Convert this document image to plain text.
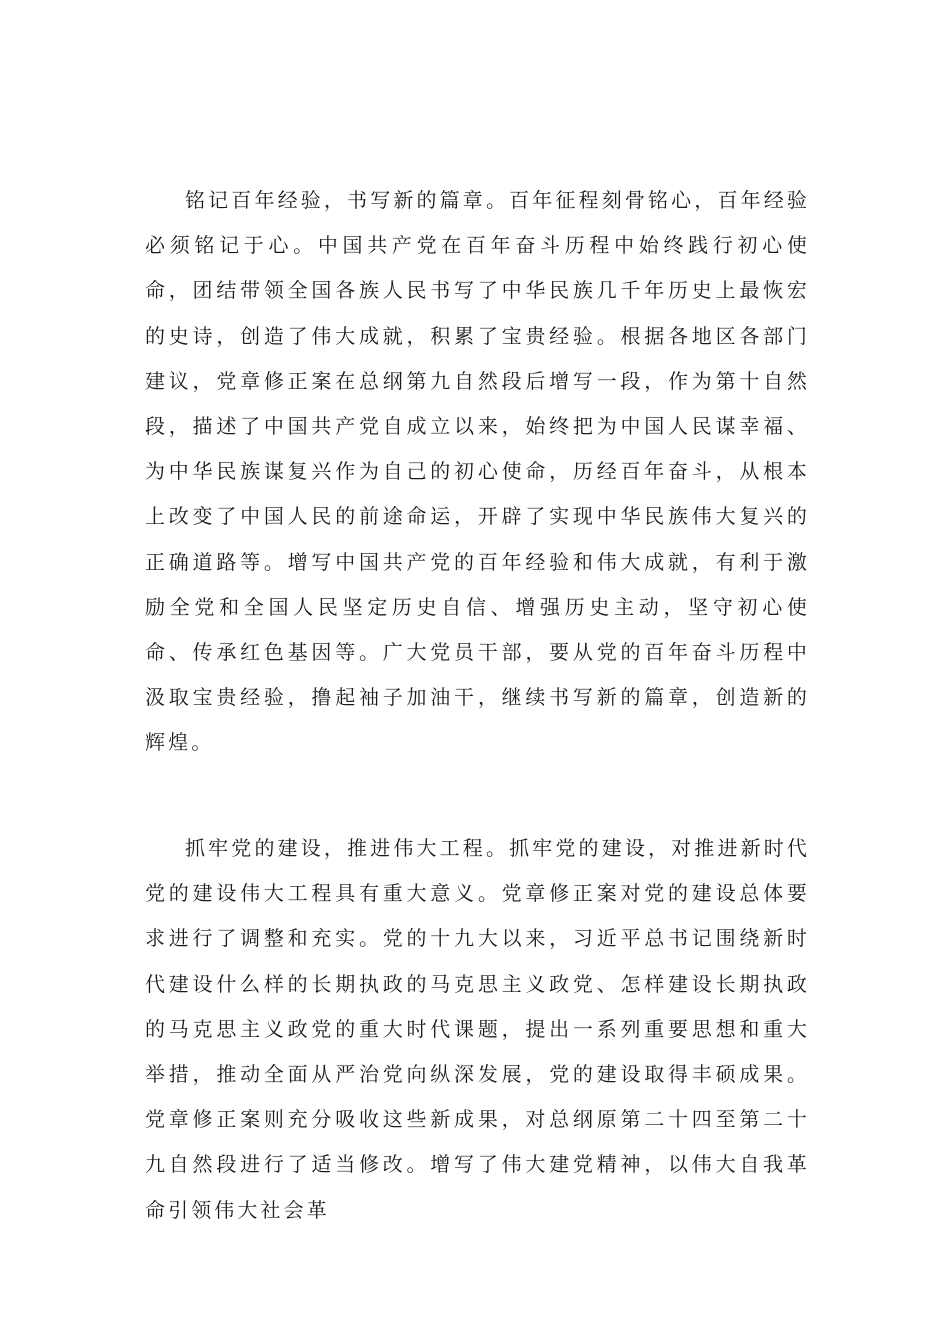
铭记百年经验，书写新的篇章。百年征程刻骨铭心，百年经验必须铭记于心。中国共产党在百年奋斗历程中始终践行初心使命，团结带领全国各族人民书写了中华民族几千年历史上最恢宏的史诗，创造了伟大成就，积累了宝贵经验。根据各地区各部门建议，党章修正案在总纲第九自然段后增写一段，作为第十自然段，描述了中国共产党自成立以来，始终把为中国人民谋幸福、为中华民族谋复兴作为自己的初心使命，历经百年奋斗，从根本上改变了中国人民的前途命运，开辟了实现中华民族伟大复兴的正确道路等。增写中国共产党的百年经验和伟大成就，有利于激励全党和全国人民坚定历史自信、增强历史主动，坚守初心使命、传承红色基因等。广大党员干部，要从党的百年奋斗历程中汲取宝贵经验，撸起袖子加油干，继续书写新的篇章，创造新的辉煌。

抓牢党的建设，推进伟大工程。抓牢党的建设，对推进新时代党的建设伟大工程具有重大意义。党章修正案对党的建设总体要求进行了调整和充实。党的十九大以来，习近平总书记围绕新时代建设什么样的长期执政的马克思主义政党、怎样建设长期执政的马克思主义政党的重大时代课题，提出一系列重要思想和重大举措，推动全面从严治党向纵深发展，党的建设取得丰硕成果。党章修正案则充分吸收这些新成果，对总纲原第二十四至第二十九自然段进行了适当修改。增写了伟大建党精神，以伟大自我革命引领伟大社会革
